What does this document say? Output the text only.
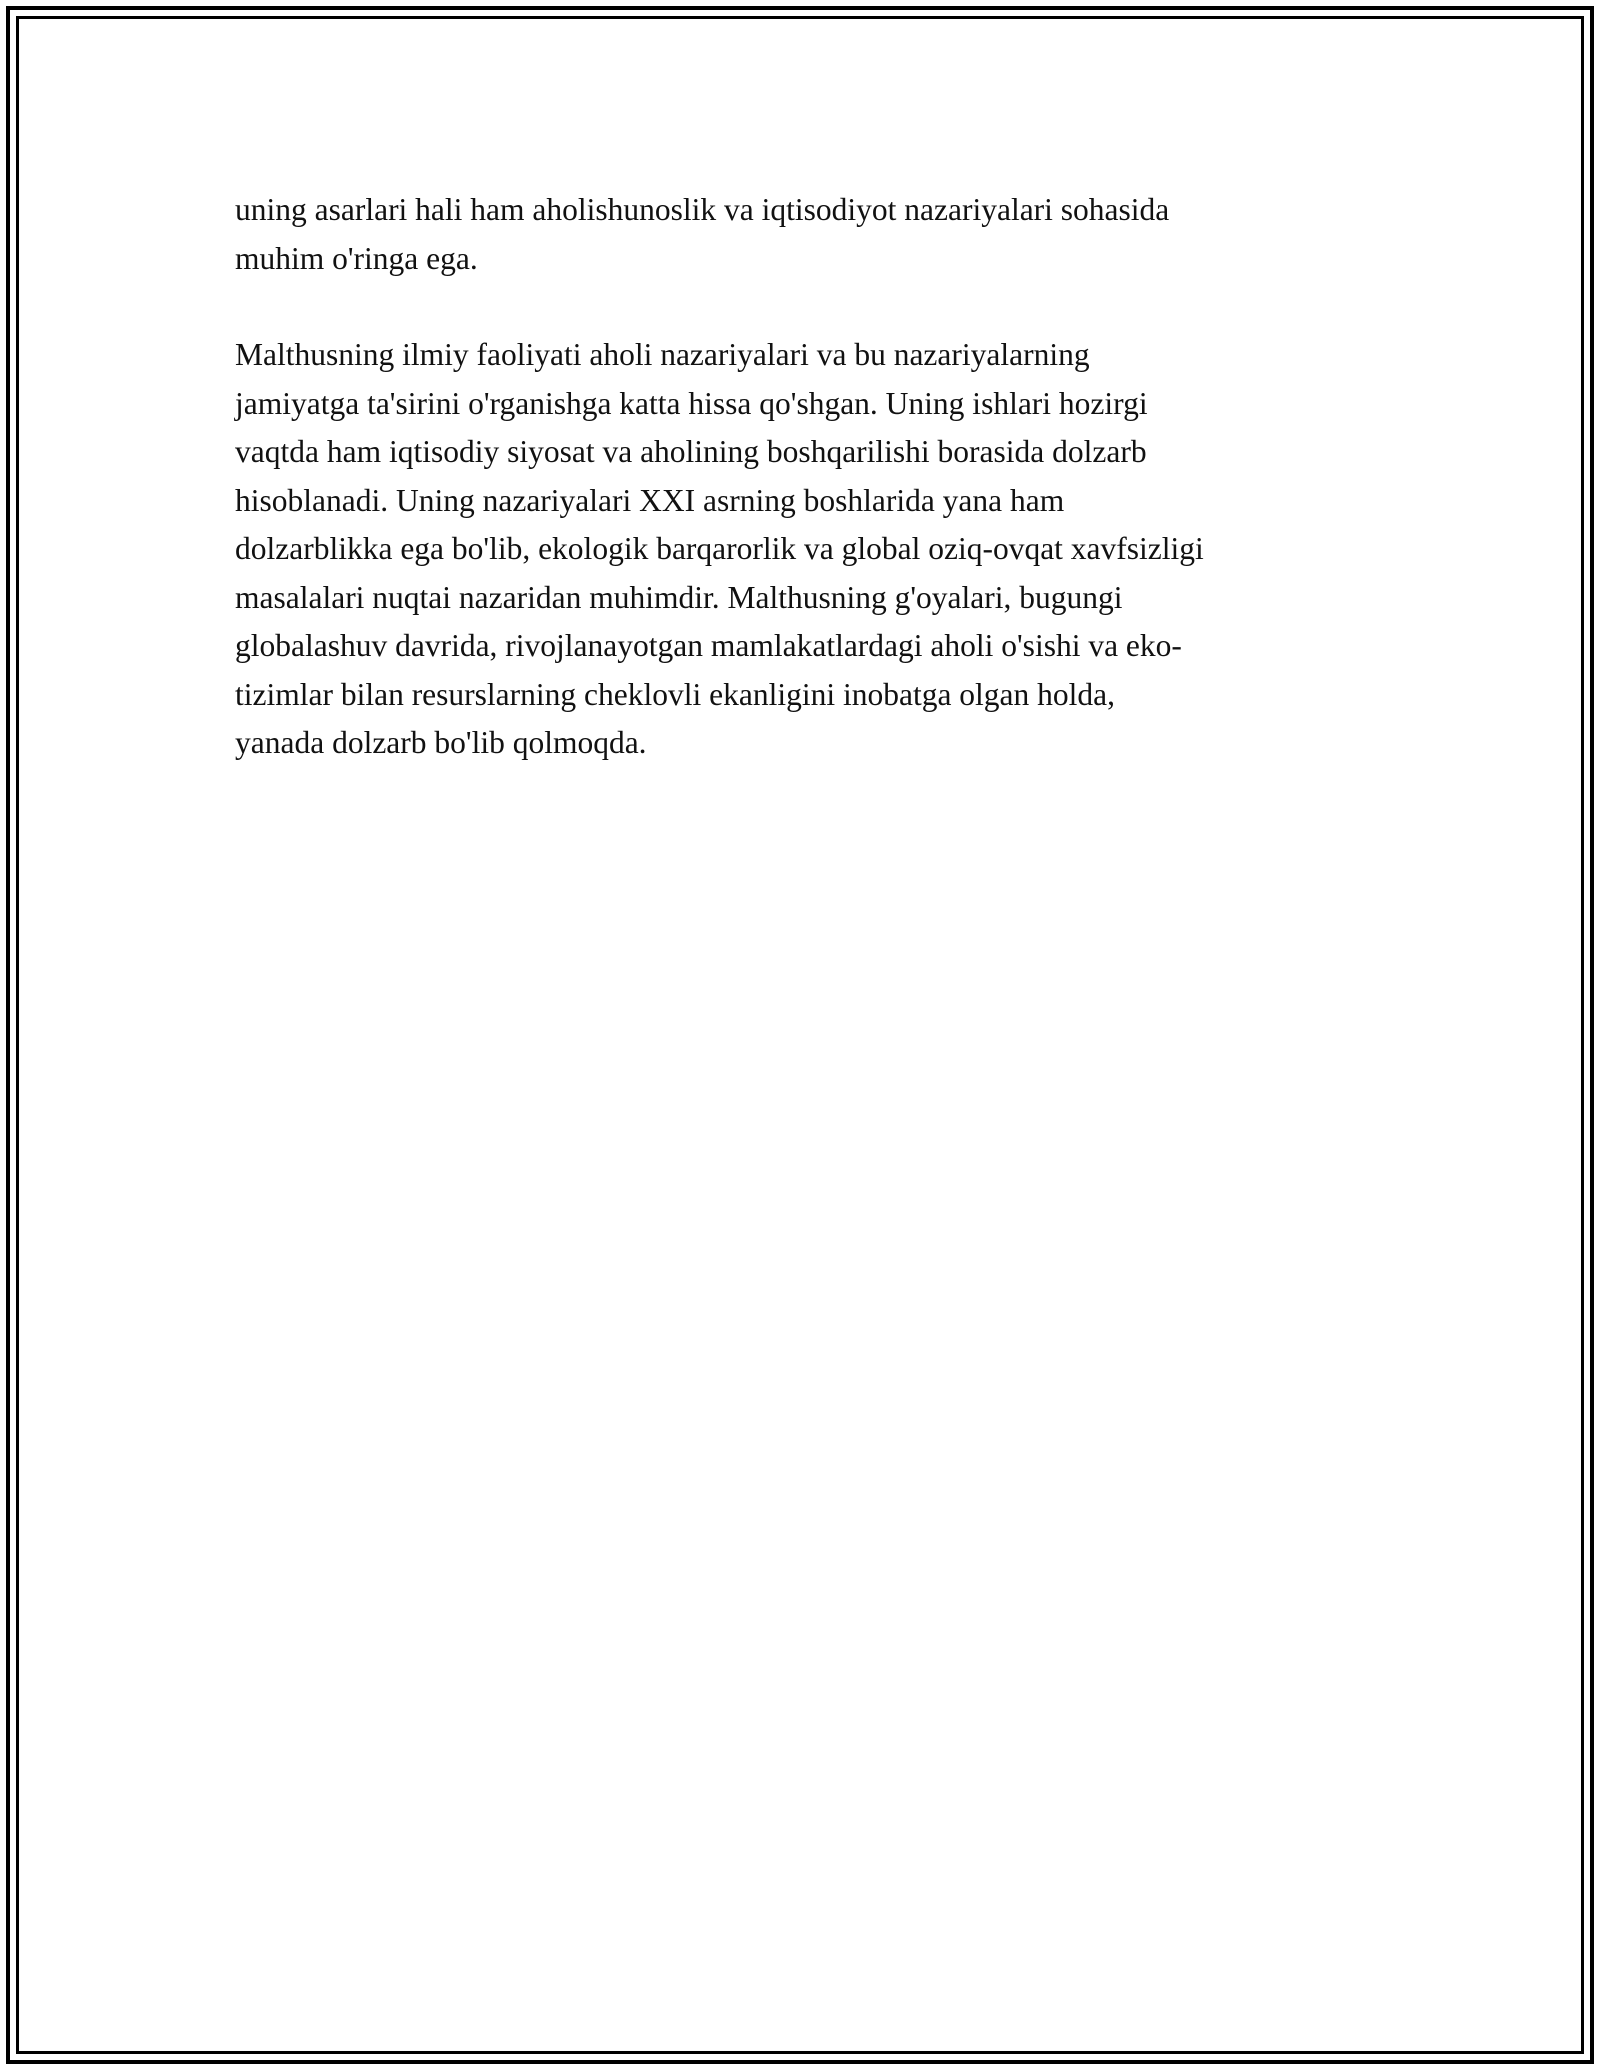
uning asarlari hali ham aholishunoslik va iqtisodiyot nazariyalari sohasida
muhim o'ringa ega.

Malthusning ilmiy faoliyati aholi nazariyalari va bu nazariyalarning
jamiyatga ta'sirini o'rganishga katta hissa qo'shgan. Uning ishlari hozirgi
vaqtda ham iqtisodiy siyosat va aholining boshqarilishi borasida dolzarb
hisoblanadi. Uning nazariyalari XXI asrning boshlarida yana ham
dolzarblikka ega bo'lib, ekologik barqarorlik va global oziq-ovqat xavfsizligi
masalalari nuqtai nazaridan muhimdir. Malthusning g'oyalari, bugungi
globalashuv davrida, rivojlanayotgan mamlakatlardagi aholi o'sishi va eko-
tizimlar bilan resurslarning cheklovli ekanligini inobatga olgan holda,
yanada dolzarb bo'lib qolmoqda.
